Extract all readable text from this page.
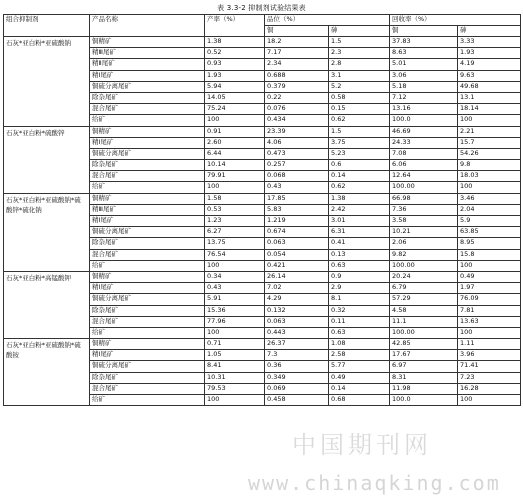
表 3.3-2 抑制剂试验结果表
组合抑制剂	产品名称	产率（%）	品位（%）		回收率（%）	
			铜	砷	铜	砷
石灰*亚白粉*亚硫酸钠	铜精矿	1.38	18.2	1.5	37.83	3.33
	精Ⅲ尾矿	0.52	7.17	2.3	8.63	1.93
	精Ⅱ尾矿	0.93	2.34	2.8	5.01	4.19
	精Ⅰ尾矿	1.93	0.688	3.1	3.06	9.63
	铜硫分离尾矿	5.94	0.379	5.2	5.18	49.68
	除杂尾矿	14.05	0.22	0.58	7.12	13.1
	混合尾矿	75.24	0.076	0.15	13.16	18.14
	给矿	100	0.434	0.62	100.0	100
石灰*亚白粉*硫酸锌	铜精矿	0.91	23.39	1.5	46.69	2.21
	精Ⅰ尾矿	2.60	4.06	3.75	24.33	15.7
	铜硫分离尾矿	6.44	0.473	5.23	7.08	54.26
	除杂尾矿	10.14	0.257	0.6	6.06	9.8
	混合尾矿	79.91	0.068	0.14	12.64	18.03
	给矿	100	0.43	0.62	100.00	100
石灰*亚白粉*亚硫酸钠*硫酸锌*硫化钠	铜精矿	1.58	17.85	1.38	66.98	3.46
	精Ⅲ尾矿	0.53	5.83	2.42	7.36	2.04
	精Ⅰ尾矿	1.23	1.219	3.01	3.58	5.9
	铜硫分离尾矿	6.27	0.674	6.31	10.21	63.85
	除杂尾矿	13.75	0.063	0.41	2.06	8.95
	混合尾矿	76.54	0.054	0.13	9.82	15.8
	给矿	100	0.421	0.63	100.00	100
石灰*亚白粉*高锰酸钾	铜精矿	0.34	26.14	0.9	20.24	0.49
	精Ⅰ尾矿	0.43	7.02	2.9	6.79	1.97
	铜硫分离尾矿	5.91	4.29	8.1	57.29	76.09
	除杂尾矿	15.36	0.132	0.32	4.58	7.81
	混合尾矿	77.96	0.063	0.11	11.1	13.63
	给矿	100	0.443	0.63	100.00	100
石灰*亚白粉*亚硫酸钠*硫酸铵	铜精矿	0.71	26.37	1.08	42.85	1.11
	精Ⅰ尾矿	1.05	7.3	2.58	17.67	3.96
	铜硫分离尾矿	8.41	0.36	5.77	6.97	71.41
	除杂尾矿	10.31	0.349	0.49	8.31	7.23
	混合尾矿	79.53	0.069	0.14	11.98	16.28
	给矿	100	0.458	0.68	100.0	100
中国期刊网
www.chinaqking.com
